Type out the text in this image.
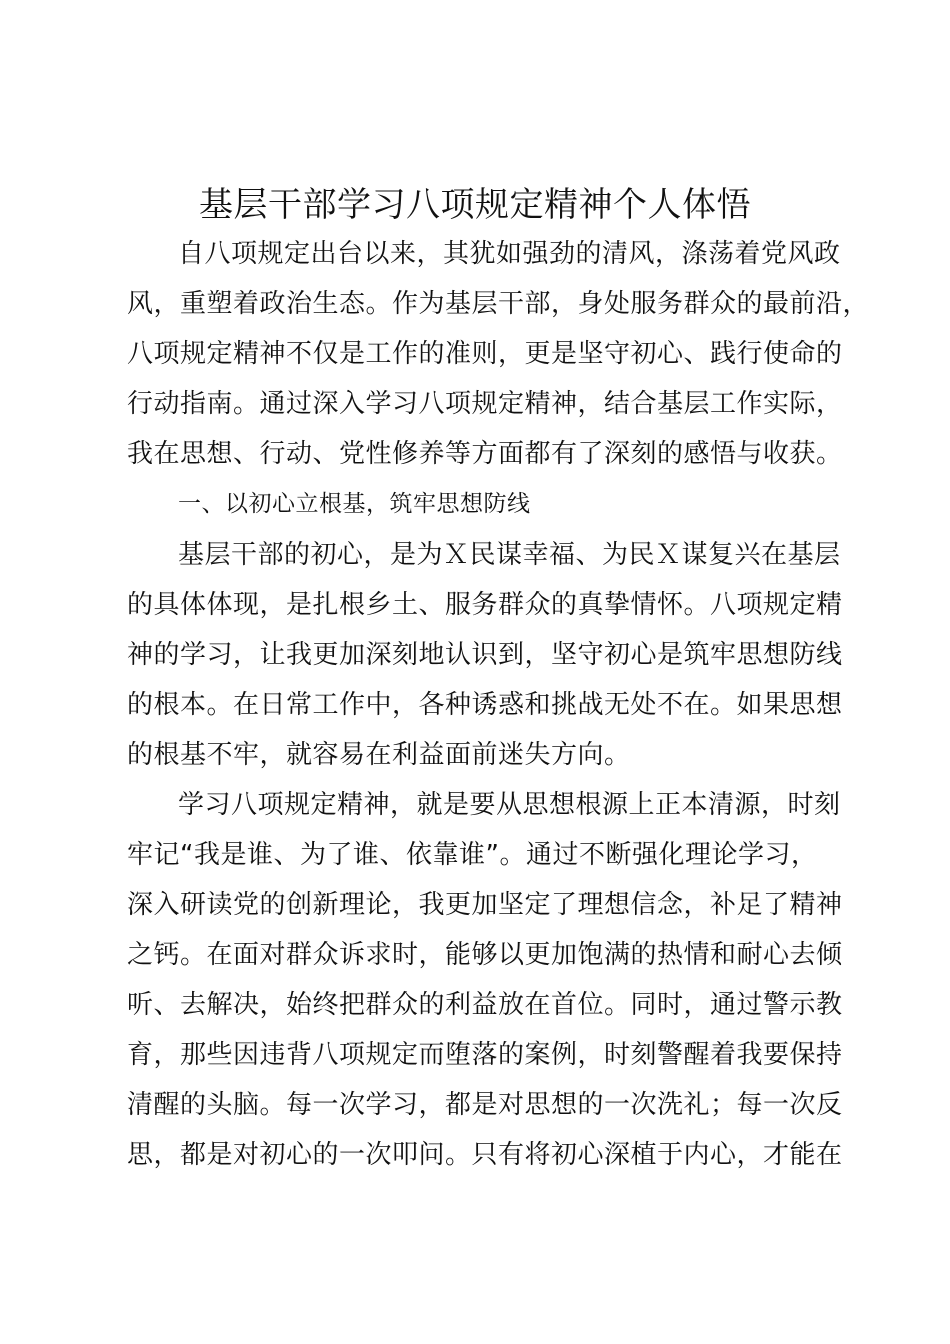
基层干部学习八项规定精神个人体悟
自八项规定出台以来，其犹如强劲的清风，涤荡着党风政
风，重塑着政治生态。作为基层干部，身处服务群众的最前沿，
八项规定精神不仅是工作的准则，更是坚守初心、践行使命的
行动指南。通过深入学习八项规定精神，结合基层工作实际，
我在思想、行动、党性修养等方面都有了深刻的感悟与收获。
一、以初心立根基，筑牢思想防线
基层干部的初心，是为Ｘ民谋幸福、为民Ｘ谋复兴在基层
的具体体现，是扎根乡土、服务群众的真挚情怀。八项规定精
神的学习，让我更加深刻地认识到，坚守初心是筑牢思想防线
的根本。在日常工作中，各种诱惑和挑战无处不在。如果思想
的根基不牢，就容易在利益面前迷失方向。
学习八项规定精神，就是要从思想根源上正本清源，时刻
牢记“我是谁、为了谁、依靠谁”。通过不断强化理论学习，
深入研读党的创新理论，我更加坚定了理想信念，补足了精神
之钙。在面对群众诉求时，能够以更加饱满的热情和耐心去倾
听、去解决，始终把群众的利益放在首位。同时，通过警示教
育，那些因违背八项规定而堕落的案例，时刻警醒着我要保持
清醒的头脑。每一次学习，都是对思想的一次洗礼；每一次反
思，都是对初心的一次叩问。只有将初心深植于内心，才能在
